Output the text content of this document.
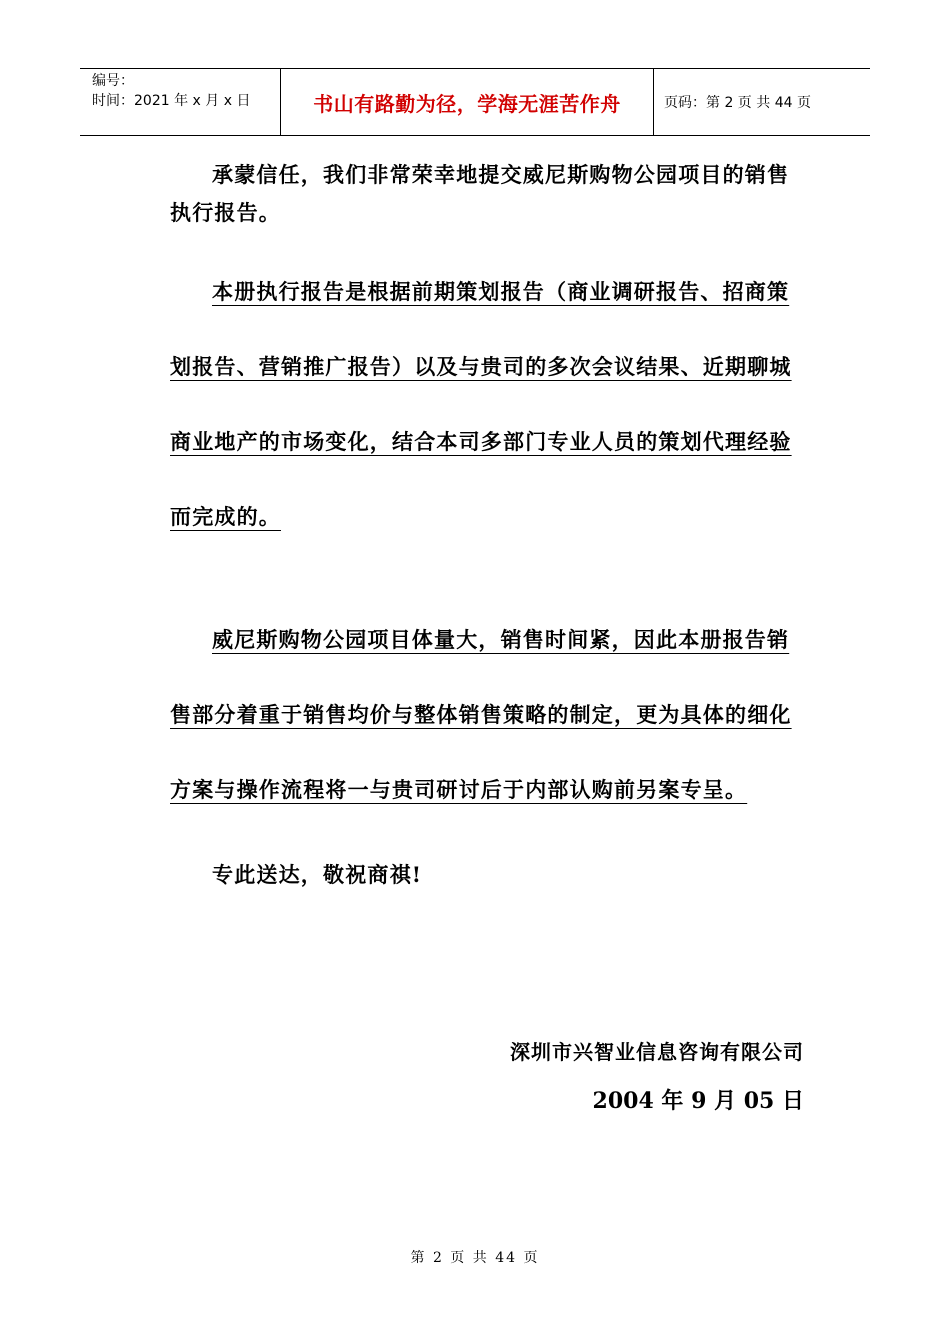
编号：
时间：2021 年 x 月 x 日	书山有路勤为径，学海无涯苦作舟	页码：第 2 页 共 44 页
承蒙信任，我们非常荣幸地提交威尼斯购物公园项目的销售执行报告。
本册执行报告是根据前期策划报告（商业调研报告、招商策划报告、营销推广报告）以及与贵司的多次会议结果、近期聊城商业地产的市场变化，结合本司多部门专业人员的策划代理经验而完成的。
威尼斯购物公园项目体量大，销售时间紧，因此本册报告销售部分着重于销售均价与整体销售策略的制定，更为具体的细化方案与操作流程将一与贵司研讨后于内部认购前另案专呈。
专此送达，敬祝商祺!
深圳市兴智业信息咨询有限公司
2004 年 9 月 05 日
第 2 页 共 44 页
